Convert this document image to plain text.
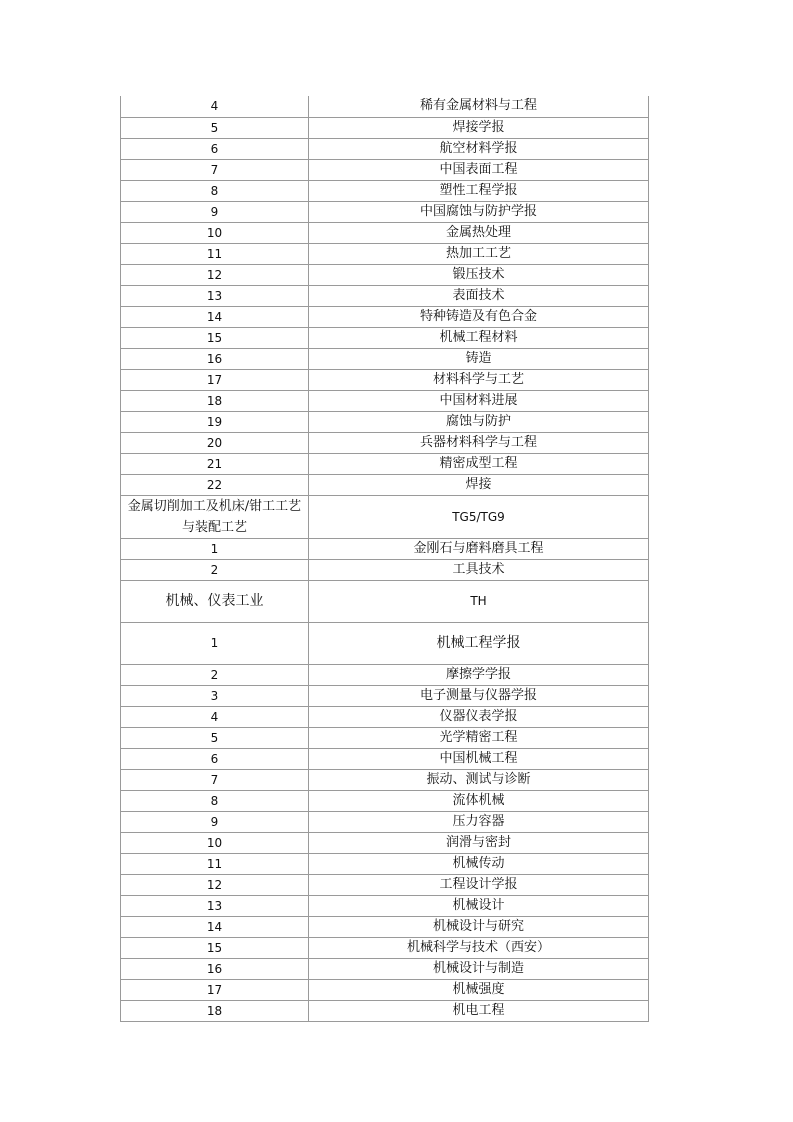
4	稀有金属材料与工程
5	焊接学报
6	航空材料学报
7	中国表面工程
8	塑性工程学报
9	中国腐蚀与防护学报
10	金属热处理
11	热加工工艺
12	锻压技术
13	表面技术
14	特种铸造及有色合金
15	机械工程材料
16	铸造
17	材料科学与工艺
18	中国材料进展
19	腐蚀与防护
20	兵器材料科学与工程
21	精密成型工程
22	焊接
金属切削加工及机床/钳工工艺与装配工艺	TG5/TG9
1	金刚石与磨料磨具工程
2	工具技术
机械、仪表工业	TH
1	机械工程学报
2	摩擦学学报
3	电子测量与仪器学报
4	仪器仪表学报
5	光学精密工程
6	中国机械工程
7	振动、测试与诊断
8	流体机械
9	压力容器
10	润滑与密封
11	机械传动
12	工程设计学报
13	机械设计
14	机械设计与研究
15	机械科学与技术（西安）
16	机械设计与制造
17	机械强度
18	机电工程
